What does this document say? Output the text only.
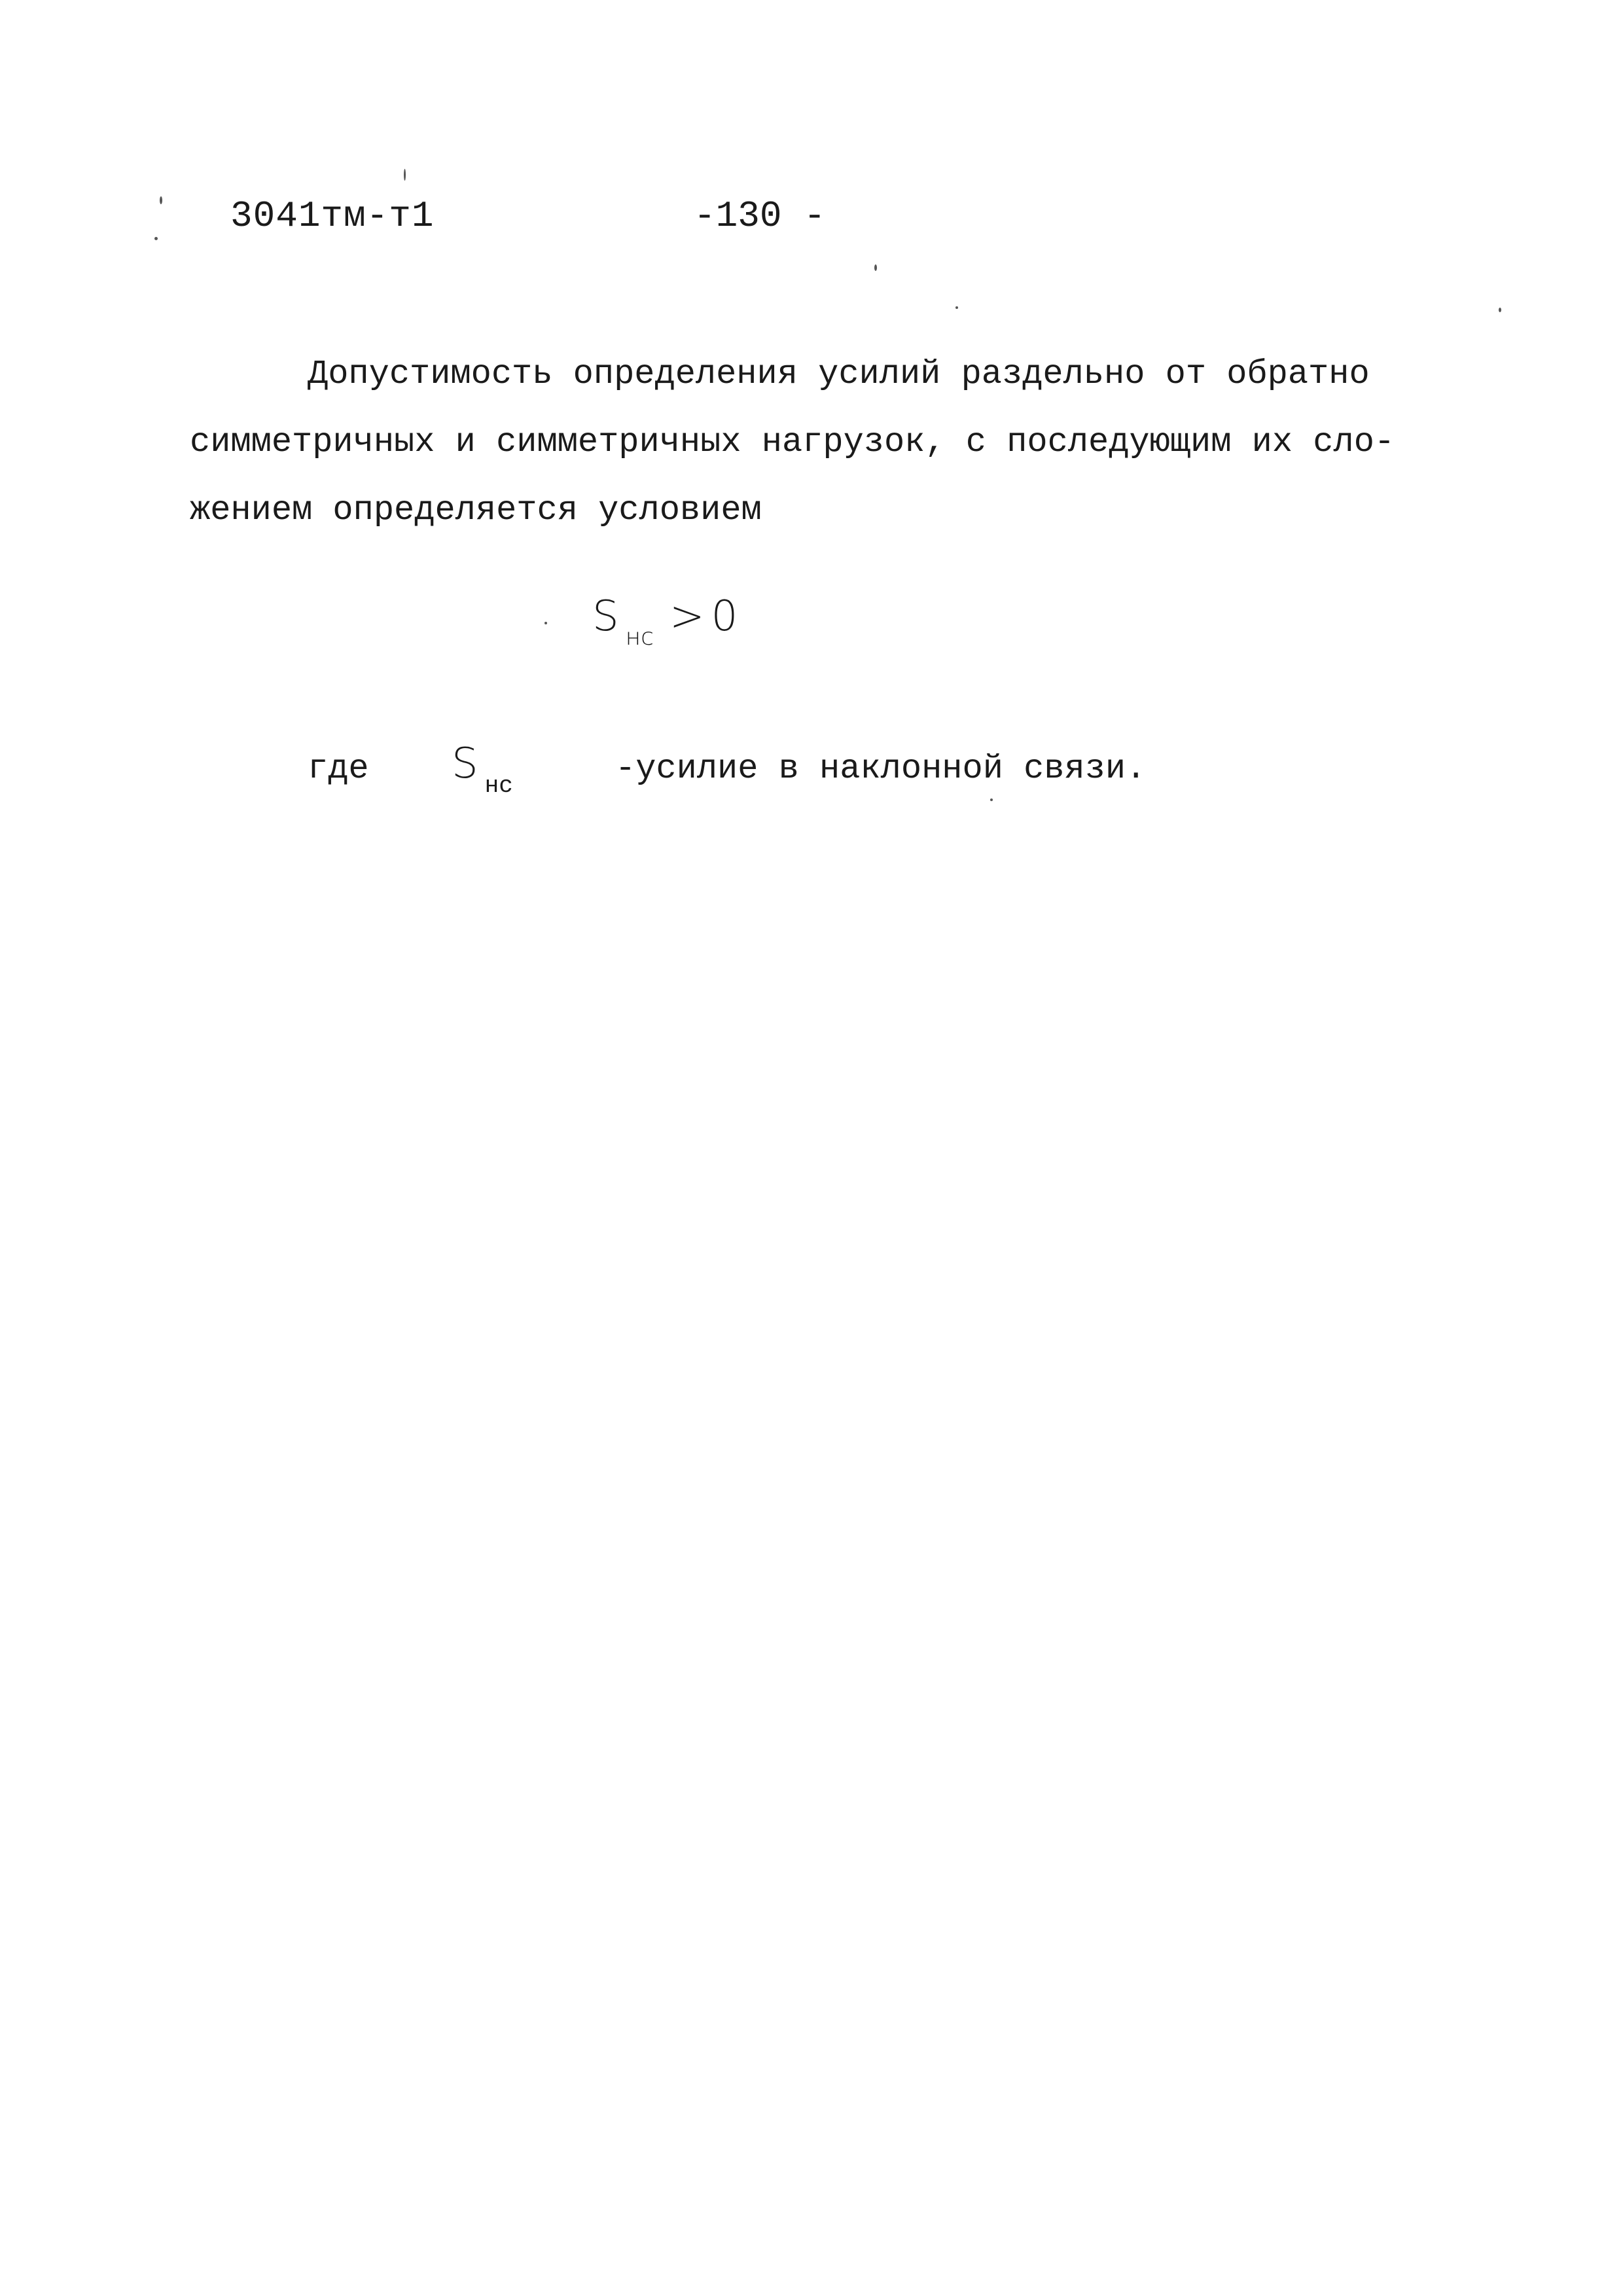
3041тм-т1	-130 -
Допустимость определения усилий раздельно от обратно
симметричных и симметричных нагрузок, с последующим их сло-
жением определяется условием
S $_{нс}$ > 0
где S $_{нс}$	-усилие в наклонной связи.
